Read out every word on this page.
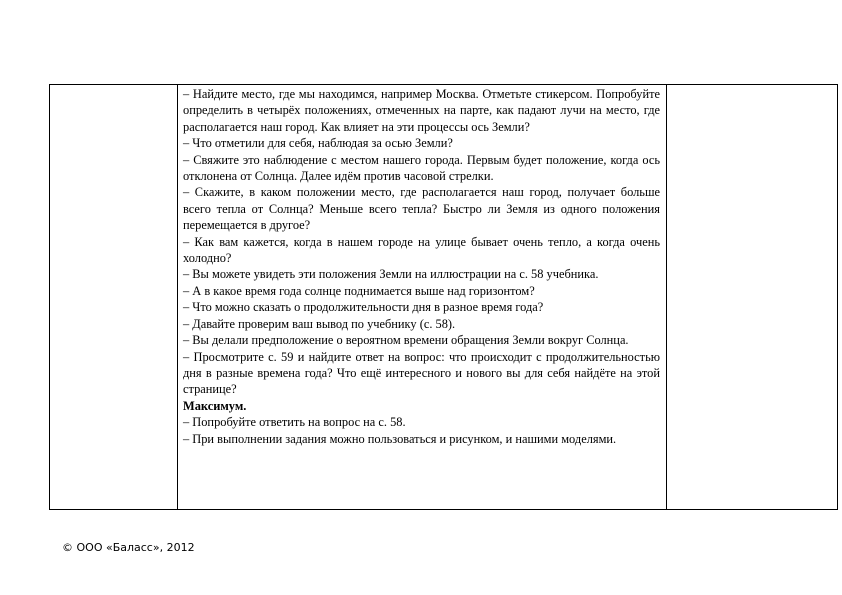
– Найдите место, где мы находимся, например Москва. Отметьте стикерсом. Попробуйте определить в четырёх положениях, отмеченных на парте, как падают лучи на место, где располагается наш город. Как влияет на эти процессы ось Земли?

– Что отметили для себя, наблюдая за осью Земли?

– Свяжите это наблюдение с местом нашего города. Первым будет положение, когда ось отклонена от Солнца. Далее идём против часовой стрелки.

– Скажите, в каком положении место, где располагается наш город, получает больше всего тепла от Солнца? Меньше всего тепла? Быстро ли Земля из одного положения перемещается в другое?

– Как вам кажется, когда в нашем городе на улице бывает очень тепло, а когда очень холодно?

– Вы можете увидеть эти положения Земли на иллюстрации на с. 58 учебника.

– А в какое время года солнце поднимается выше над горизонтом?

– Что можно сказать о продолжительности дня в разное время года?

– Давайте проверим ваш вывод по учебнику (с. 58).

– Вы делали предположение о вероятном времени обращения Земли вокруг Солнца.

– Просмотрите с. 59 и найдите ответ на вопрос: что происходит с продолжительностью дня в разные времена года? Что ещё интересного и нового вы для себя найдёте на этой странице?

Максимум.

– Попробуйте ответить на вопрос на с. 58.

– При выполнении задания можно пользоваться и рисунком, и нашими моделями.

© ООО «Баласс», 2012
